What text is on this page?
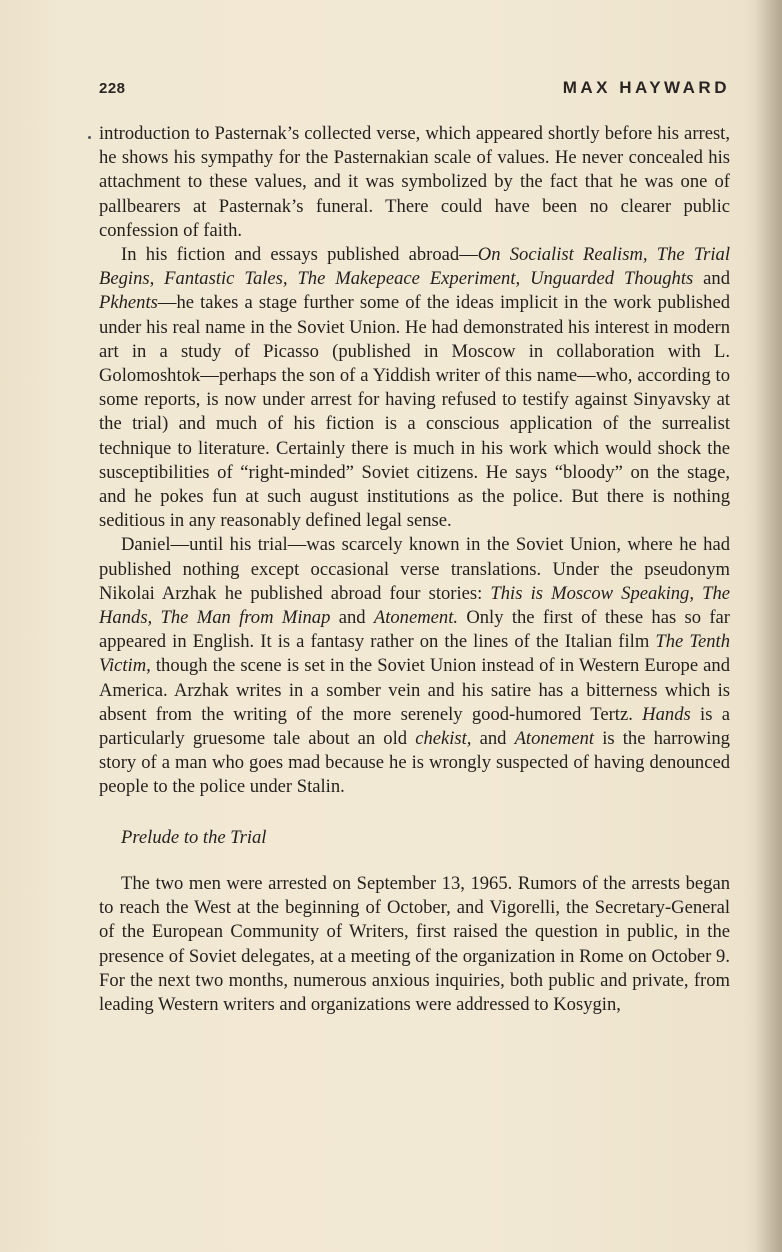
228	MAX HAYWARD

introduction to Pasternak’s collected verse, which appeared shortly before his arrest, he shows his sympathy for the Pasternakian scale of values. He never concealed his attachment to these values, and it was symbolized by the fact that he was one of pallbearers at Pasternak’s funeral. There could have been no clearer public confession of faith.

In his fiction and essays published abroad—On Socialist Realism, The Trial Begins, Fantastic Tales, The Makepeace Experiment, Unguarded Thoughts and Pkhents—he takes a stage further some of the ideas implicit in the work published under his real name in the Soviet Union. He had demonstrated his interest in modern art in a study of Picasso (published in Moscow in collaboration with L. Golomoshtok—perhaps the son of a Yiddish writer of this name—who, according to some reports, is now under arrest for having refused to testify against Sinyavsky at the trial) and much of his fiction is a conscious application of the surrealist technique to literature. Certainly there is much in his work which would shock the susceptibilities of “right-minded” Soviet citizens. He says “bloody” on the stage, and he pokes fun at such august institutions as the police. But there is nothing seditious in any reasonably defined legal sense.

Daniel—until his trial—was scarcely known in the Soviet Union, where he had published nothing except occasional verse translations. Under the pseudonym Nikolai Arzhak he published abroad four stories: This is Moscow Speaking, The Hands, The Man from Minap and Atonement. Only the first of these has so far appeared in English. It is a fantasy rather on the lines of the Italian film The Tenth Victim, though the scene is set in the Soviet Union instead of in Western Europe and America. Arzhak writes in a somber vein and his satire has a bitterness which is absent from the writing of the more serenely good-humored Tertz. Hands is a particularly gruesome tale about an old chekist, and Atonement is the harrowing story of a man who goes mad because he is wrongly suspected of having denounced people to the police under Stalin.

Prelude to the Trial

The two men were arrested on September 13, 1965. Rumors of the arrests began to reach the West at the beginning of October, and Vigorelli, the Secretary-General of the European Community of Writers, first raised the question in public, in the presence of Soviet delegates, at a meeting of the organization in Rome on October 9. For the next two months, numerous anxious inquiries, both public and private, from leading Western writers and organizations were addressed to Kosygin,
